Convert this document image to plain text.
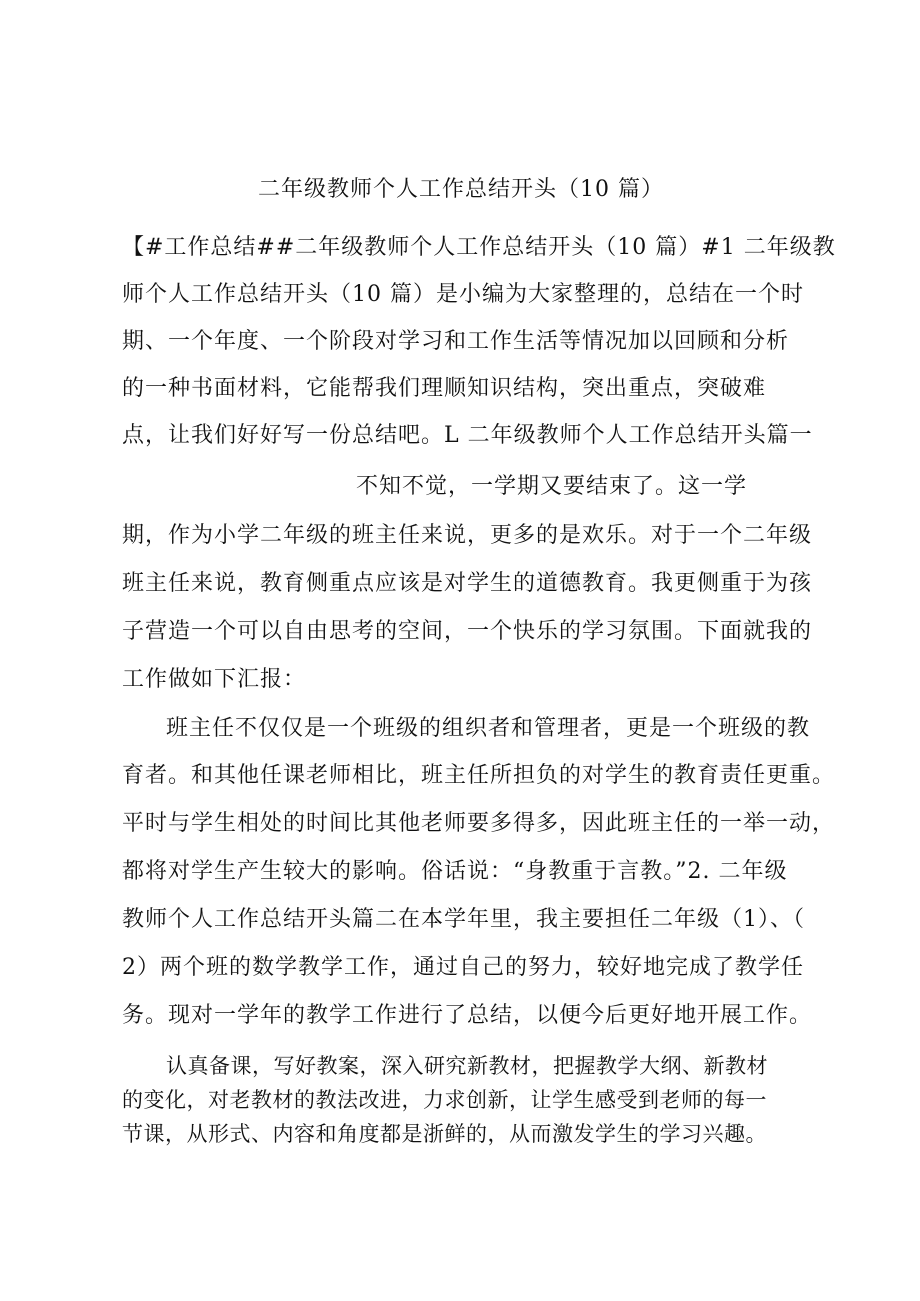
二年级教师个人工作总结开头（10 篇）
【#工作总结##二年级教师个人工作总结开头（10 篇）#1 二年级教
师个人工作总结开头（10 篇）是小编为大家整理的，总结在一个时
期、一个年度、一个阶段对学习和工作生活等情况加以回顾和分析
的一种书面材料，它能帮我们理顺知识结构，突出重点，突破难
点，让我们好好写一份总结吧。L 二年级教师个人工作总结开头篇一
不知不觉，一学期又要结束了。这一学
期，作为小学二年级的班主任来说，更多的是欢乐。对于一个二年级
班主任来说，教育侧重点应该是对学生的道德教育。我更侧重于为孩
子营造一个可以自由思考的空间，一个快乐的学习氛围。下面就我的
工作做如下汇报：
班主任不仅仅是一个班级的组织者和管理者，更是一个班级的教
育者。和其他任课老师相比，班主任所担负的对学生的教育责任更重。
平时与学生相处的时间比其他老师要多得多，因此班主任的一举一动，
都将对学生产生较大的影响。俗话说：“身教重于言教。”2. 二年级
教师个人工作总结开头篇二在本学年里，我主要担任二年级（1）、（
2）两个班的数学教学工作，通过自己的努力，较好地完成了教学任
务。现对一学年的教学工作进行了总结，以便今后更好地开展工作。
认真备课，写好教案，深入研究新教材，把握教学大纲、新教材
的变化，对老教材的教法改进，力求创新，让学生感受到老师的每一
节课，从形式、内容和角度都是浙鲜的，从而激发学生的学习兴趣。
